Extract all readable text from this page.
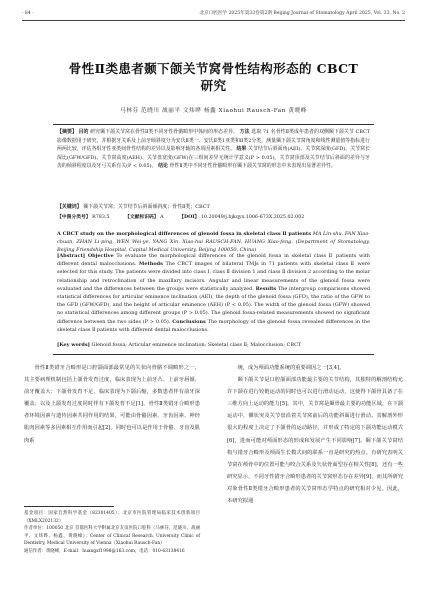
· 84 ·	北京口腔医学 2025年第33卷第2期 Beijing Journal of Stomatology April 2025, Vol. 33, No. 2
骨性Ⅱ类患者颞下颌关节窝骨性结构形态的 CBCT
研究
马林芬 范晓川 战丽平 文炜晔 杨鑫 Xiaohui Rausch-Fan 黄晓峰
【摘要】 目的 研究颞下颌关节窝在骨性Ⅱ类不同牙性骨骼畸形中体间的形态差异。 方法 选取 71 名骨性Ⅱ类成年患者的双侧颞下颌关节 CBCT 影像数据用于研究，并根据牙关系及上前牙倾斜度分为安氏Ⅱ类一、安氏Ⅱ类1亚类和Ⅱ类2分类。测量颞下颌关节窝角度和线性测量值等指标进行两两比较，评估各组牙性亚类间骨性结构的差异以及影响牙轴的各项因素相关性。 结果 关节结节后斜面角(AEI)、关节窝深度(GFD)、关节窝长深比(GFW/GFD)、关节窝高度(AEH)、关节盘宽度(GFW)在三组间差异无统计学意义(P > 0.05)。关节窝顶部及关节结节后斜面的差异与牙齿的倾斜程度以及牙弓关系有关(P < 0.05)。 结论 骨性Ⅱ类中不同牙性骨骼畸形在颞下颌关节窝的形态中未表现出显著差异性。
【关键词】 颞下颌关节窝；关节结节后斜面倾斜度；骨性Ⅱ类；CBCT
【中图分类号】 R783.5	【文献标识码】 A	【DOI】 10.20049/j.bjkqyx.1006-673X.2025.02.002
A CBCT study on the morphological differences of glenoid fossa in skeletal class Ⅱ patients MA Lin-shu, FAN Xiao-chuan, ZHAN Li-ping, WEN Wei-ye, YANG Xin, Xiao-hui RAUSCH-FAN, HUANG Xiao-feng. (Department of Stomatology, Beijing Friendship Hospital, Capital Medical University, Beijing 100050, China)
[Abstract] Objective To evaluate the morphological differences of the glenoid fossa in skeletal class Ⅱ patients with different dental malocclusions. Methods The CBCT images of bilateral TMJs in 71 patients with skeletal class Ⅱ were selected for this study. The patients were divided into class Ⅰ, class Ⅱ division 1 and class Ⅱ division 2 according to the molar relationship and retroclination of the maxillary incisors. Angular and linear measurements of the glenoid fossa were evaluated and the differences between the groups were statistically analyzed. Results The intergroup comparisons showed statistical differences for articular eminence inclination (AEI), the depth of the glenoid fossa (GFD), the ratio of the GFW to the GFD (GFW/GFD), and the height of articular eminence (AEH) (P < 0.05). The width of the glenoid fossa (GFW) showed no statistical differences among different groups (P > 0.05). The glenoid fossa-related measurements showed no significant difference between the two sides (P > 0.05). Conclusions The morphology of the glenoid fossa revealed differences in the skeletal class Ⅱ patients with different dental malocclusions.
[Key words] Glenoid fossa; Articular eminence inclination; Skeletal class Ⅱ; Malocclusion; CBCT

骨性Ⅱ类错牙合畸形是口腔颌面部最常见的失状向骨骼不调畸形之一，其主要病理机制包括上颌骨发育过度，临床表现为上前牙凸、上前牙唇倾、前牙覆盖大；下颌骨发育不足，临床表现为下颌后缩，多数患者伴有前牙深覆盖；以及上颌发育过度同时伴有下颌发育不足[1]。骨性Ⅱ类错牙合畸形患者环境因素与遗传因素共同作用的结果，可能由骨骼因素、牙齿因素、神经肌肉因素等多因素相互作用而引起[2]。同时也可以是作用于骨骼、牙齿及肌肉系

统，成为颅面功能系统的重要调因之一[3,4]。

颞下颌关节是口腔颌面部功能最主要的关节结构，其独特的解剖结构允许下颌在进行铰链运动的同时也可以进行滑动运动，这使得下颌骨具备了在三维方向上运动的能力[5]。其中，关节窝是颞骨最主要的功能区域，在下颌运动中，髁状突及关节盘沿着关节窝前后的功能斜面进行滑动。其解剖外形很大的程度上决定了下颌骨的运动路径，并形成了特定的下颌功能运动模式[6]，进而可能对颅面形态的形成和发展产生不同影响[7]。颞下颌关节窝结构与错牙合畸形及颅面生长模式间的联系一直是研究的热点。有研究表明关节窝在颅骨中的位置可能与咬合关系及矢状骨面型存在相关性[8]，还有一些研究显示，不同牙性错牙合畸形患者的关节窝形态存在差异[9]，而其所研究对象骨性Ⅱ类错牙合畸形患者的关节窝形态学特点的研究相对少见。因此，本研究拟通

基金项目：国家自然科学基金（82301405）；北京市医院管理局临床技术创新项目（XMLX202132）

作者单位：100050 北京 首都医科大学附属北京友谊医院口腔科（马林芬、范晓川、战丽平、文炜晔、杨鑫、黄晓峰）；Center of Clinical Research, University Clinic of Dentistry, Medical University of Vienna（Xiaohui Rausch-Fan）

通信作者：黄晓峰，E-mail：huangxf1998@163.com，电话：010-63138416
